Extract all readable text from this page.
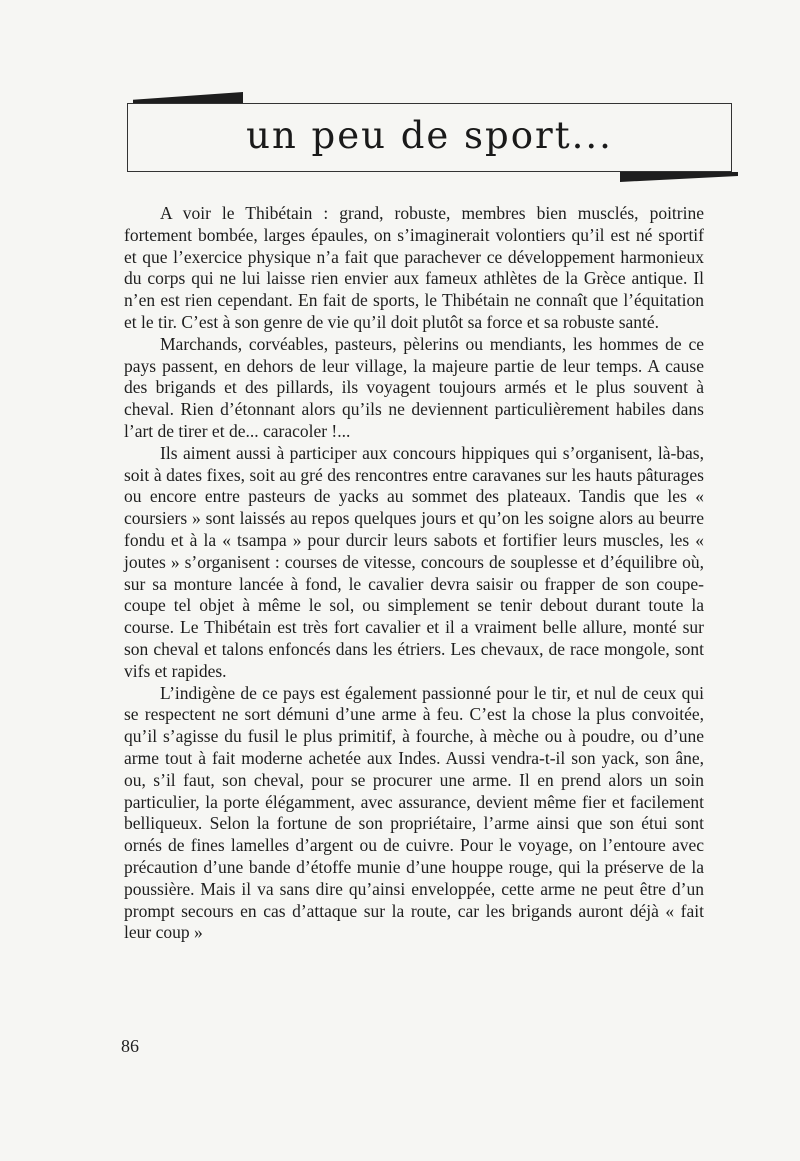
un peu de sport...

A voir le Thibétain : grand, robuste, membres bien musclés, poitrine fortement bombée, larges épaules, on s’imaginerait volontiers qu’il est né sportif et que l’exercice physique n’a fait que parachever ce développement harmonieux du corps qui ne lui laisse rien envier aux fameux athlètes de la Grèce antique. Il n’en est rien cependant. En fait de sports, le Thibétain ne connaît que l’équitation et le tir. C’est à son genre de vie qu’il doit plutôt sa force et sa robuste santé.

Marchands, corvéables, pasteurs, pèlerins ou mendiants, les hommes de ce pays passent, en dehors de leur village, la majeure partie de leur temps. A cause des brigands et des pillards, ils voyagent toujours armés et le plus souvent à cheval. Rien d’étonnant alors qu’ils ne deviennent particulièrement habiles dans l’art de tirer et de... caracoler !...

Ils aiment aussi à participer aux concours hippiques qui s’organisent, là-bas, soit à dates fixes, soit au gré des rencontres entre caravanes sur les hauts pâturages ou encore entre pasteurs de yacks au sommet des plateaux. Tandis que les « coursiers » sont laissés au repos quelques jours et qu’on les soigne alors au beurre fondu et à la « tsampa » pour durcir leurs sabots et fortifier leurs muscles, les « joutes » s’organisent : courses de vitesse, concours de souplesse et d’équilibre où, sur sa monture lancée à fond, le cavalier devra saisir ou frapper de son coupe-coupe tel objet à même le sol, ou simplement se tenir debout durant toute la course. Le Thibétain est très fort cavalier et il a vraiment belle allure, monté sur son cheval et talons enfoncés dans les étriers. Les chevaux, de race mongole, sont vifs et rapides.

L’indigène de ce pays est également passionné pour le tir, et nul de ceux qui se respectent ne sort démuni d’une arme à feu. C’est la chose la plus convoitée, qu’il s’agisse du fusil le plus primitif, à fourche, à mèche ou à poudre, ou d’une arme tout à fait moderne achetée aux Indes. Aussi vendra-t-il son yack, son âne, ou, s’il faut, son cheval, pour se procurer une arme. Il en prend alors un soin particulier, la porte élégamment, avec assurance, devient même fier et facilement belliqueux. Selon la fortune de son propriétaire, l’arme ainsi que son étui sont ornés de fines lamelles d’argent ou de cuivre. Pour le voyage, on l’entoure avec précaution d’une bande d’étoffe munie d’une houppe rouge, qui la préserve de la poussière. Mais il va sans dire qu’ainsi enveloppée, cette arme ne peut être d’un prompt secours en cas d’attaque sur la route, car les brigands auront déjà « fait leur coup »

86
